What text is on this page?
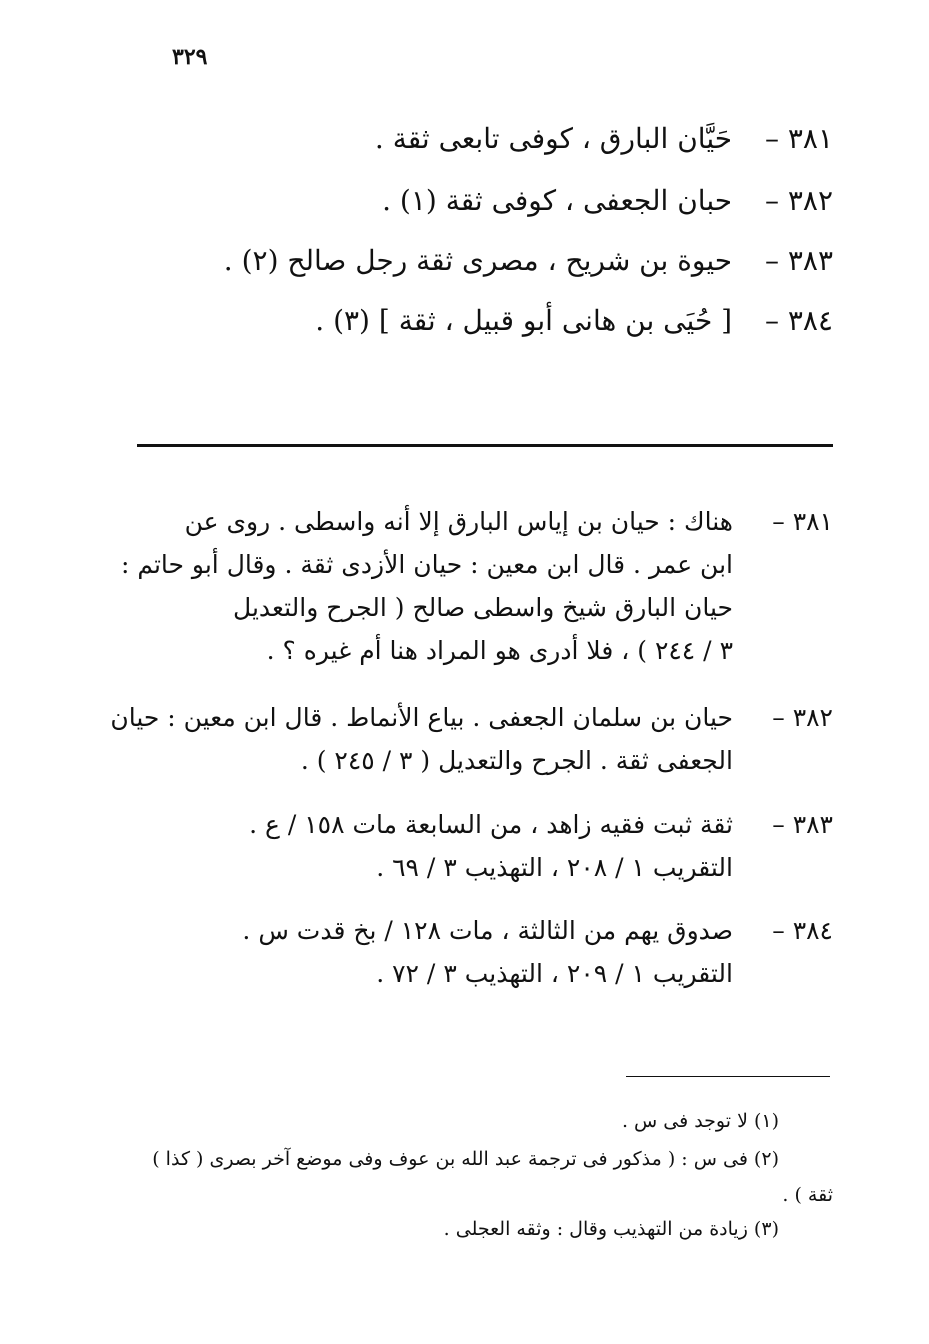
٣٢٩
٣٨١ – حَيَّان البارق ، كوفى تابعى ثقة .
٣٨٢ – حبان الجعفى ، كوفى ثقة (١) .
٣٨٣ – حيوة بن شريح ، مصرى ثقة رجل صالح (٢) .
٣٨٤ – [ حُيَى بن هانى أبو قبيل ، ثقة ] (٣) .
٣٨١ –
هناك : حيان بن إياس البارق إلا أنه واسطى . روى عن
ابن عمر . قال ابن معين : حيان الأزدى ثقة . وقال أبو حاتم :
حيان البارق شيخ واسطى صالح ( الجرح والتعديل
٣ / ٢٤٤ ) ، فلا أدرى هو المراد هنا أم غيره ؟ .
٣٨٢ –
حيان بن سلمان الجعفى . بياع الأنماط . قال ابن معين : حيان
الجعفى ثقة . الجرح والتعديل ( ٣ / ٢٤٥ ) .
٣٨٣ –
ثقة ثبت فقيه زاهد ، من السابعة مات ١٥٨ / ع .
التقريب ١ / ٢٠٨ ، التهذيب ٣ / ٦٩ .
٣٨٤ –
صدوق يهم من الثالثة ، مات ١٢٨ / بخ قدت س .
التقريب ١ / ٢٠٩ ، التهذيب ٣ / ٧٢ .
(١) لا توجد فى س .
(٢) فى س : ( مذكور فى ترجمة عبد الله بن عوف وفى موضع آخر بصرى ( كذا )
ثقة ) .
(٣) زيادة من التهذيب وقال : وثقه العجلى .
